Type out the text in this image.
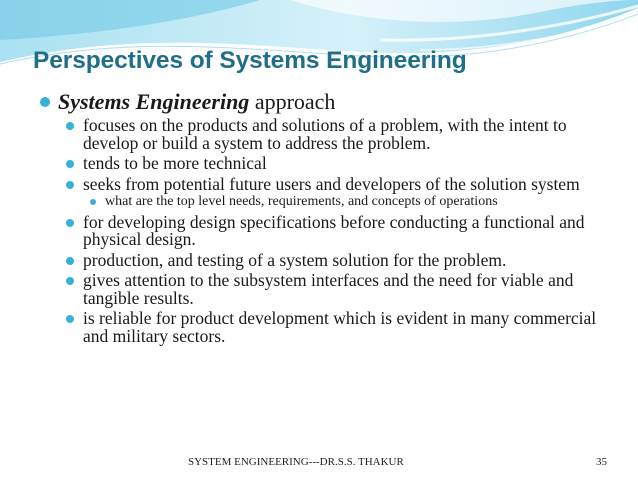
Perspectives of Systems Engineering
Systems Engineering approach
focuses on the products and solutions of a problem, with the intent to develop or build a system to address the problem.
tends to be more technical
seeks from potential future users and developers of the solution system
what are the top level needs, requirements, and concepts of operations
for developing design specifications before conducting a functional and physical design.
production, and testing of a system solution for the problem.
gives attention to the subsystem interfaces and the need for viable and tangible results.
is reliable for product development which is evident in many commercial and military sectors.
SYSTEM ENGINEERING---DR.S.S. THAKUR	35
